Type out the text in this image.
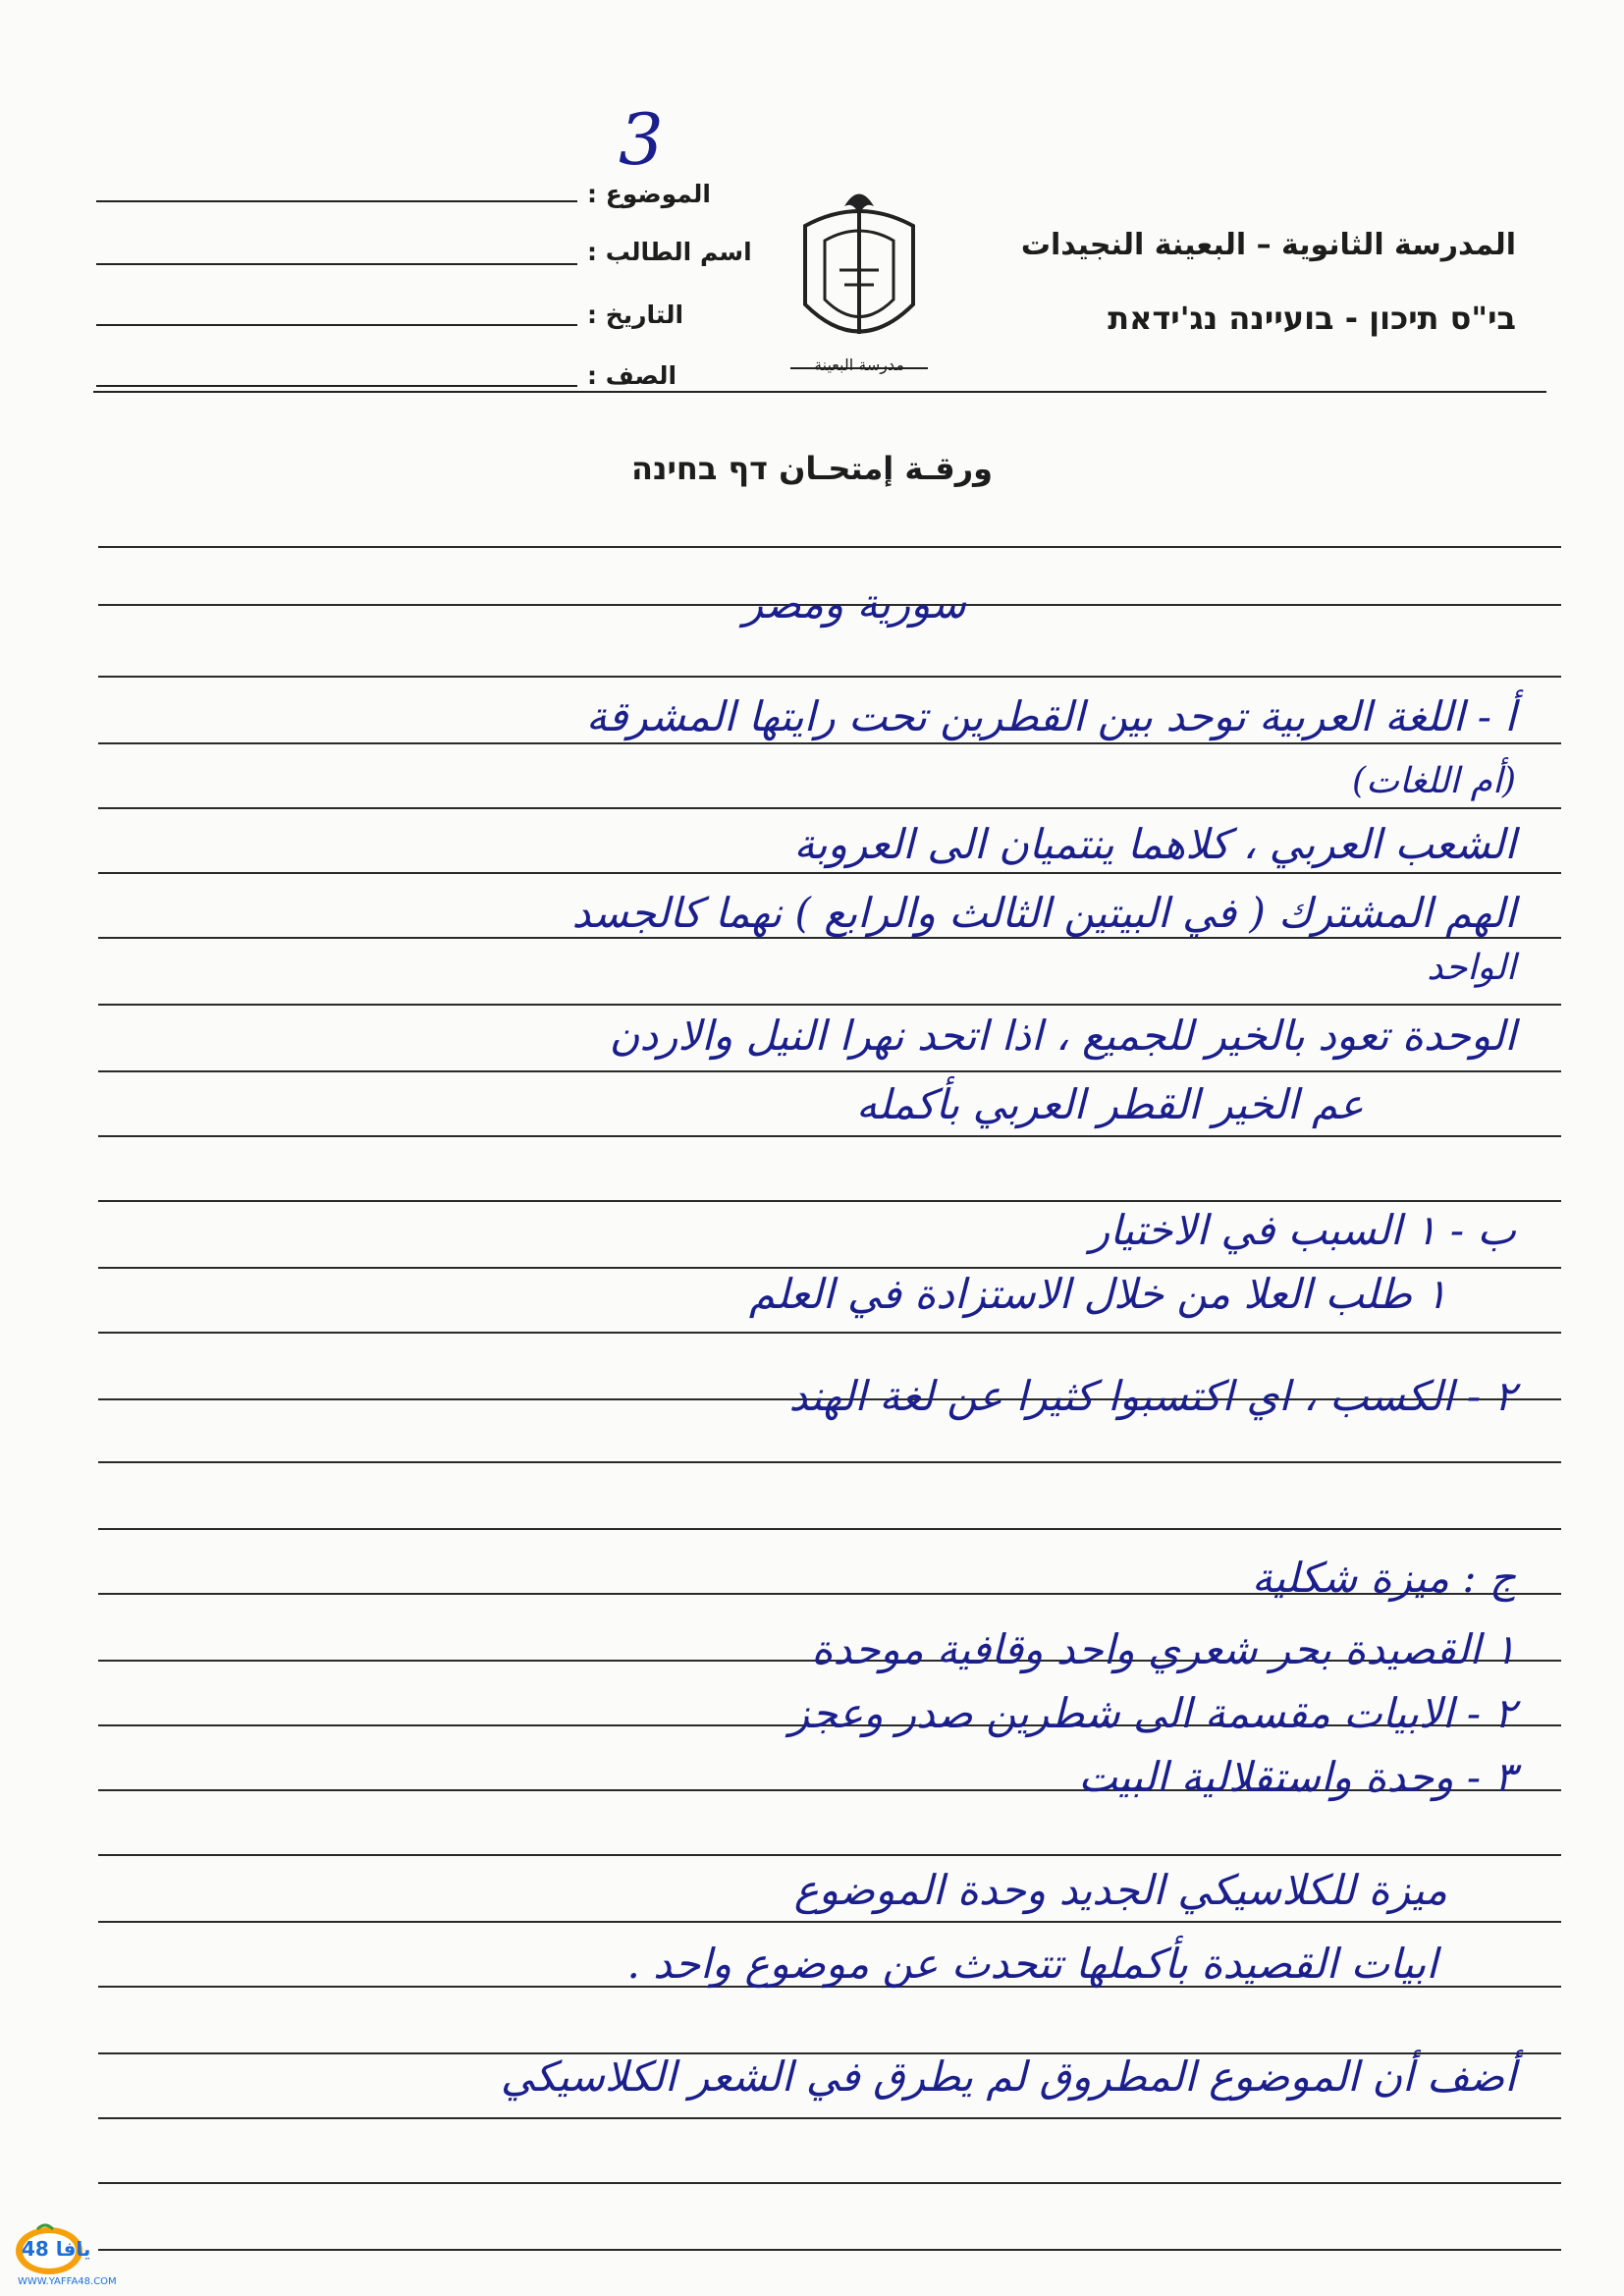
3
المدرسة الثانوية – البعينة النجيدات
בי"ס תיכון - בועיינה נג'ידאת
مدرسة البعينة
الموضوع :
اسم الطالب :
التاريخ :
الصف :
ورقـة إمتحـان דף בחינה
سورية ومصر
أ - اللغة العربية توحد بين القطرين تحت رايتها المشرقة
(أم اللغات)
الشعب العربي ، كلاهما ينتميان الى العروبة
الهم المشترك ( في البيتين الثالث والرابع ) نهما كالجسد
الواحد
الوحدة تعود بالخير للجميع ، اذا اتحد نهرا النيل والاردن
عم الخير القطر العربي بأكمله
ب - ١ السبب في الاختيار
١ طلب العلا من خلال الاستزادة في العلم
٢ - الكسب ، اي اكتسبوا كثيرا عن لغة الهند
ج : ميزة شكلية
١ القصيدة بحر شعري واحد وقافية موحدة
٢ - الابيات مقسمة الى شطرين صدر وعجز
٣ - وحدة واستقلالية البيت
ميزة للكلاسيكي الجديد وحدة الموضوع
ابيات القصيدة بأكملها تتحدث عن موضوع واحد .
أضف أن الموضوع المطروق لم يطرق في الشعر الكلاسيكي
يافا 48
WWW.YAFFA48.COM
